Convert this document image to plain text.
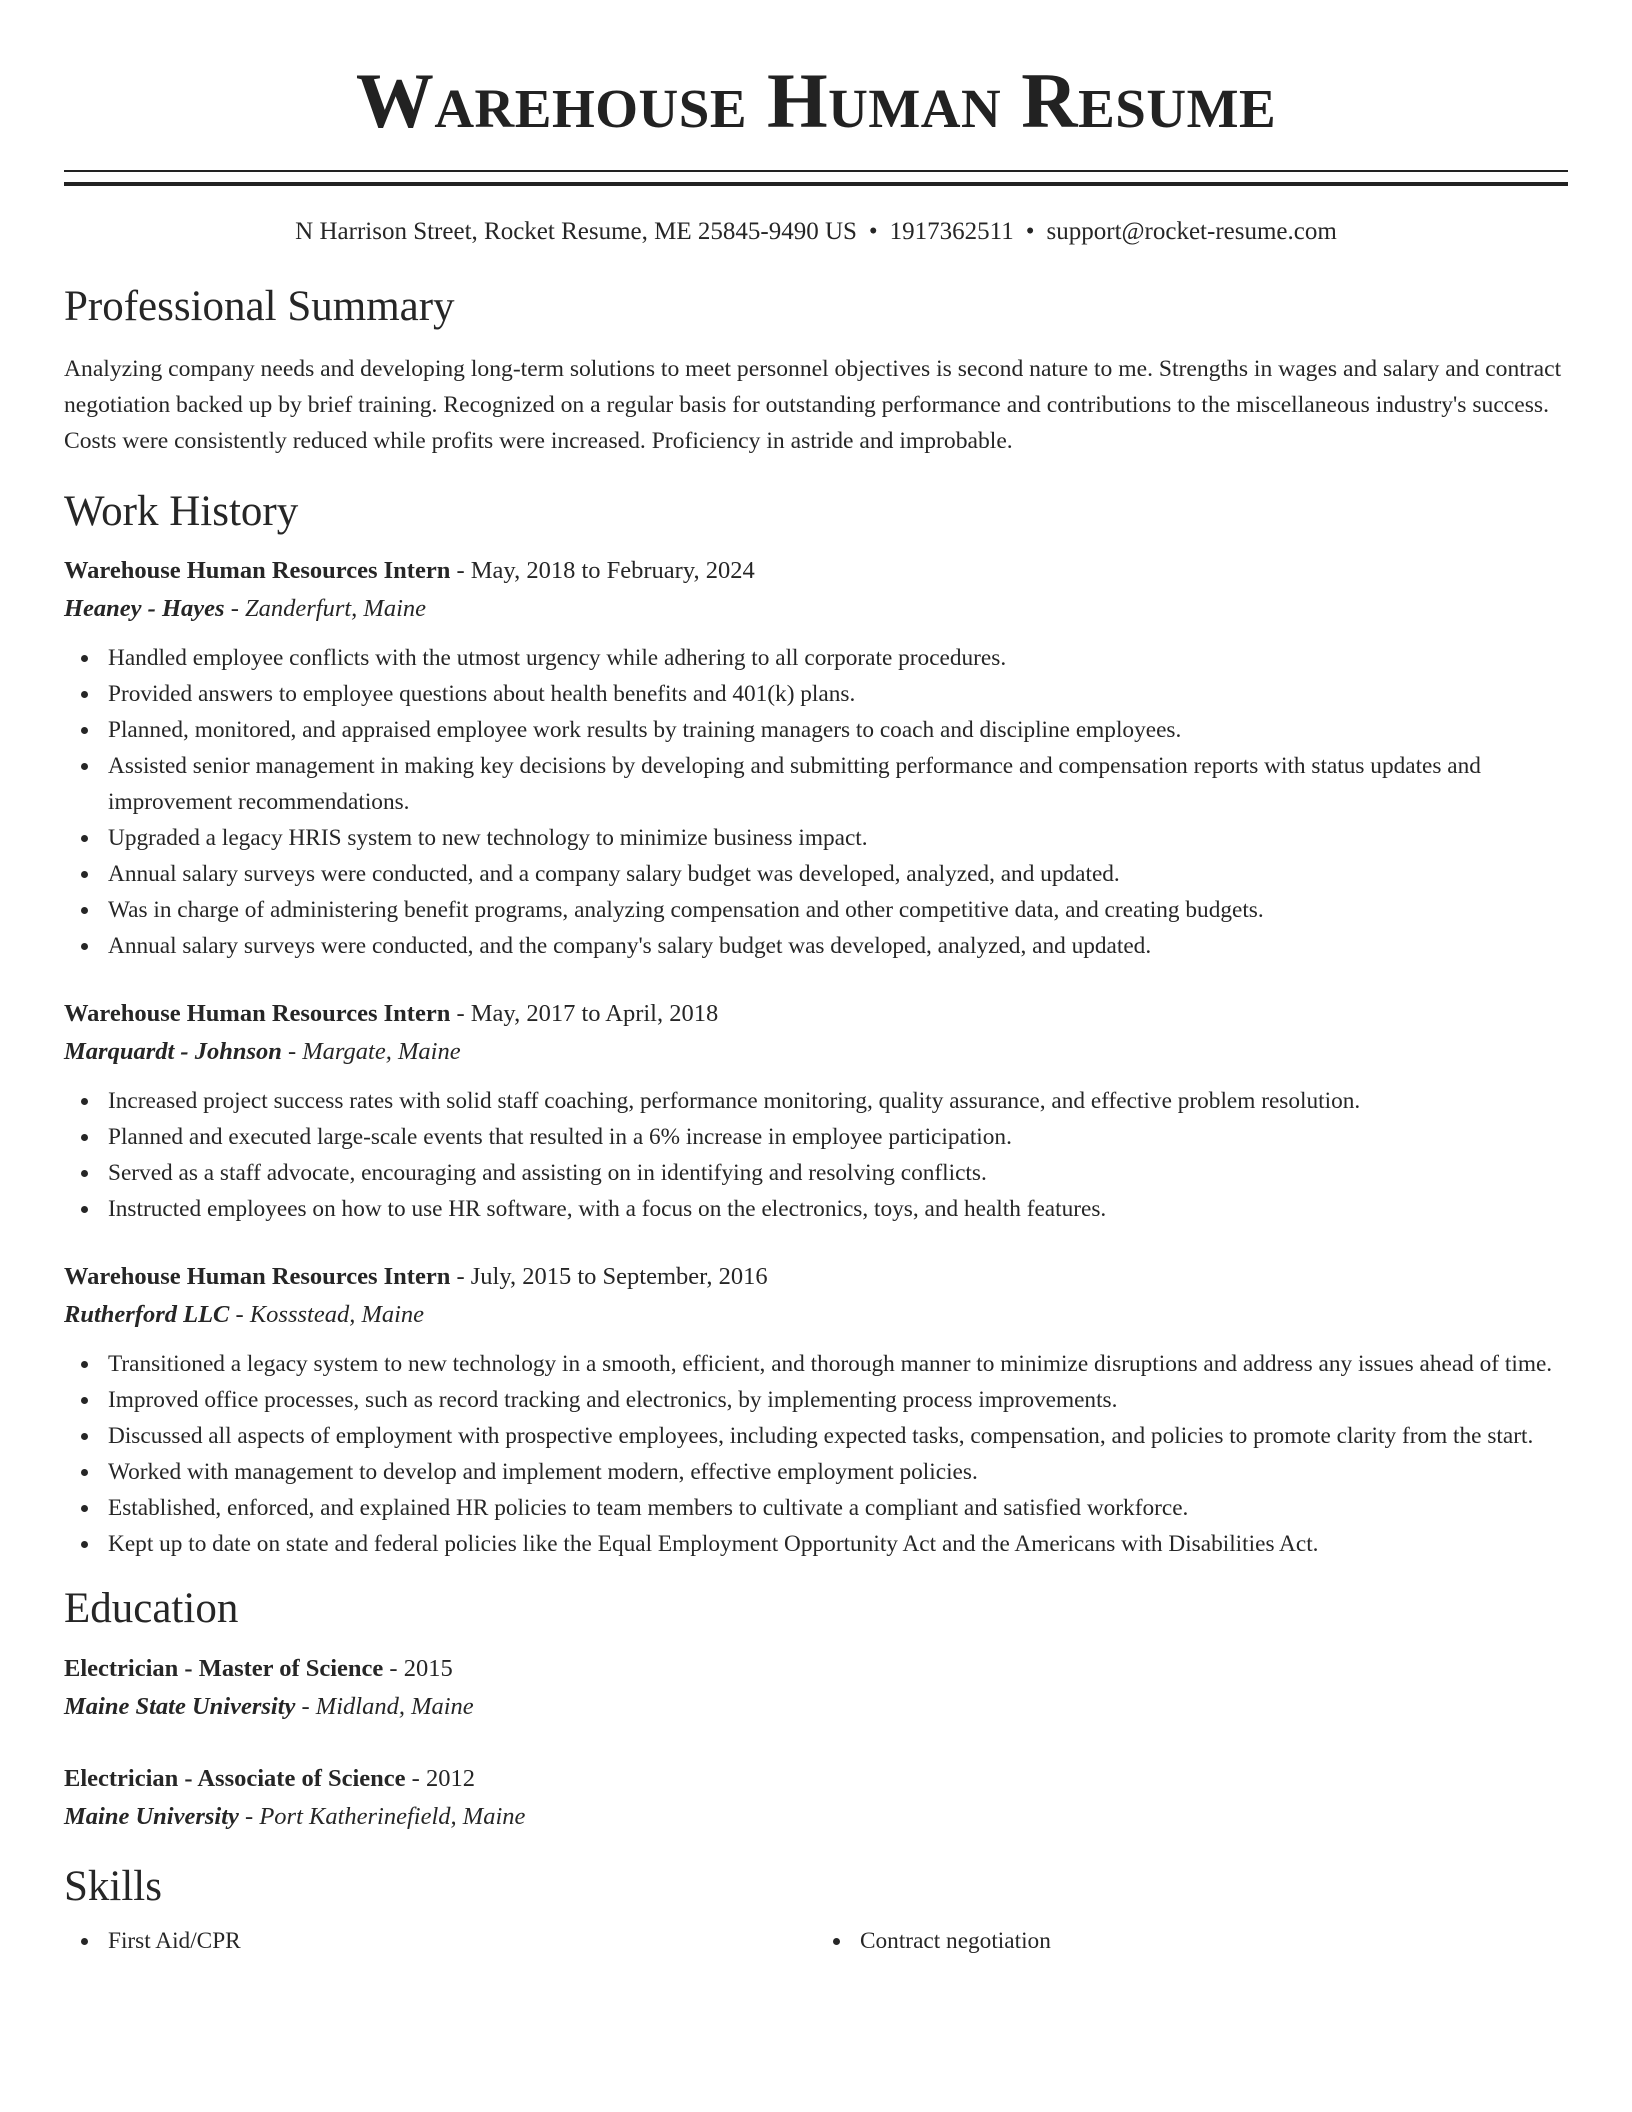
Warehouse Human Resume
N Harrison Street, Rocket Resume, ME 25845-9490 US • 1917362511 • support@rocket-resume.com
Professional Summary
Analyzing company needs and developing long-term solutions to meet personnel objectives is second nature to me. Strengths in wages and salary and contract negotiation backed up by brief training. Recognized on a regular basis for outstanding performance and contributions to the miscellaneous industry's success. Costs were consistently reduced while profits were increased. Proficiency in astride and improbable.
Work History
Warehouse Human Resources Intern - May, 2018 to February, 2024
Heaney - Hayes - Zanderfurt, Maine
Handled employee conflicts with the utmost urgency while adhering to all corporate procedures.
Provided answers to employee questions about health benefits and 401(k) plans.
Planned, monitored, and appraised employee work results by training managers to coach and discipline employees.
Assisted senior management in making key decisions by developing and submitting performance and compensation reports with status updates and improvement recommendations.
Upgraded a legacy HRIS system to new technology to minimize business impact.
Annual salary surveys were conducted, and a company salary budget was developed, analyzed, and updated.
Was in charge of administering benefit programs, analyzing compensation and other competitive data, and creating budgets.
Annual salary surveys were conducted, and the company's salary budget was developed, analyzed, and updated.
Warehouse Human Resources Intern - May, 2017 to April, 2018
Marquardt - Johnson - Margate, Maine
Increased project success rates with solid staff coaching, performance monitoring, quality assurance, and effective problem resolution.
Planned and executed large-scale events that resulted in a 6% increase in employee participation.
Served as a staff advocate, encouraging and assisting on in identifying and resolving conflicts.
Instructed employees on how to use HR software, with a focus on the electronics, toys, and health features.
Warehouse Human Resources Intern - July, 2015 to September, 2016
Rutherford LLC - Kossstead, Maine
Transitioned a legacy system to new technology in a smooth, efficient, and thorough manner to minimize disruptions and address any issues ahead of time.
Improved office processes, such as record tracking and electronics, by implementing process improvements.
Discussed all aspects of employment with prospective employees, including expected tasks, compensation, and policies to promote clarity from the start.
Worked with management to develop and implement modern, effective employment policies.
Established, enforced, and explained HR policies to team members to cultivate a compliant and satisfied workforce.
Kept up to date on state and federal policies like the Equal Employment Opportunity Act and the Americans with Disabilities Act.
Education
Electrician - Master of Science - 2015
Maine State University - Midland, Maine
Electrician - Associate of Science - 2012
Maine University - Port Katherinefield, Maine
Skills
First Aid/CPR	Contract negotiation
